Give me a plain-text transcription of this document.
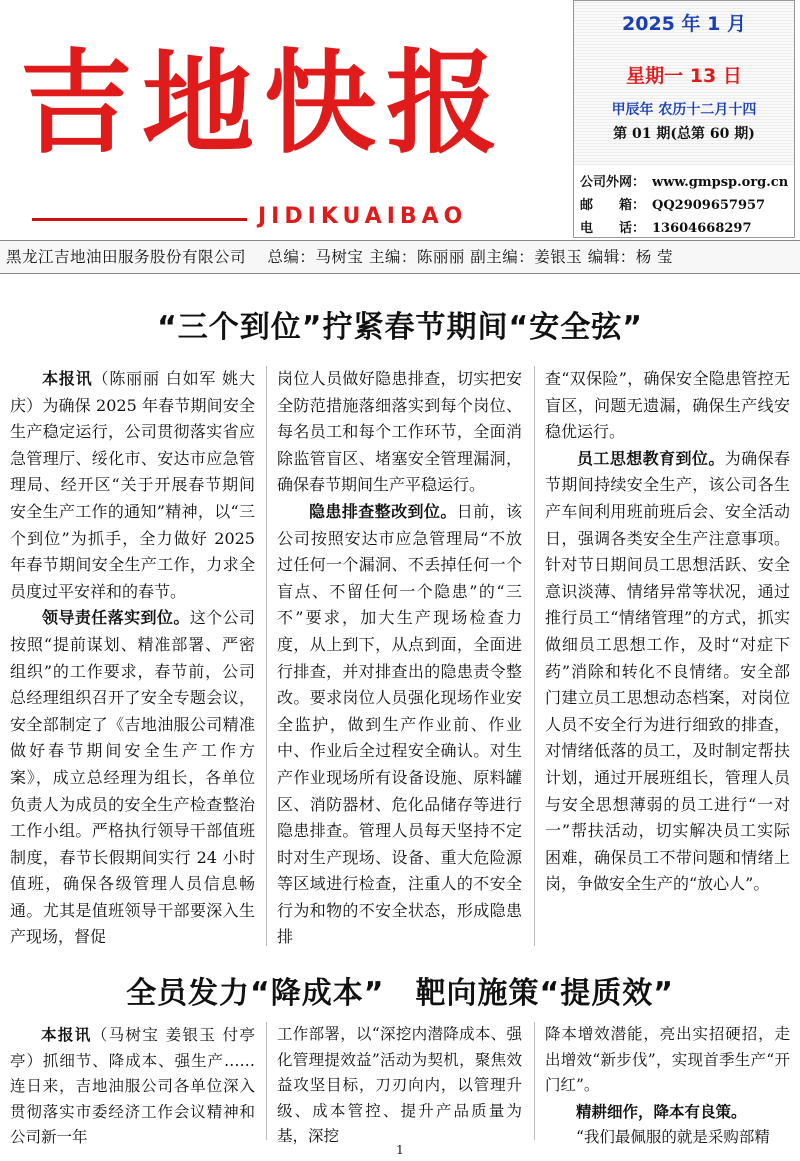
吉地快报
JIDIKUAIBAO
2025 年 1 月
星期一 13 日
甲辰年 农历十二月十四
第 01 期(总第 60 期)
公司外网： www.gmpsp.org.cn
邮　　箱： QQ2909657957
电　　话： 13604668297
黑龙江吉地油田服务股份有限公司　 总编：马树宝 主编：陈丽丽 副主编：姜银玉 编辑：杨 莹
“三个到位”拧紧春节期间“安全弦”

本报讯（陈丽丽 白如军 姚大庆）为确保 2025 年春节期间安全生产稳定运行，公司贯彻落实省应急管理厅、绥化市、安达市应急管理局、经开区“关于开展春节期间安全生产工作的通知”精神，以“三个到位”为抓手，全力做好 2025 年春节期间安全生产工作，力求全员度过平安祥和的春节。

领导责任落实到位。这个公司按照“提前谋划、精准部署、严密组织”的工作要求，春节前，公司总经理组织召开了安全专题会议，安全部制定了《吉地油服公司精准做好春节期间安全生产工作方案》，成立总经理为组长，各单位负责人为成员的安全生产检查整治工作小组。严格执行领导干部值班制度，春节长假期间实行 24 小时值班，确保各级管理人员信息畅通。尤其是值班领导干部要深入生产现场，督促

岗位人员做好隐患排查，切实把安全防范措施落细落实到每个岗位、每名员工和每个工作环节，全面消除监管盲区、堵塞安全管理漏洞，确保春节期间生产平稳运行。

隐患排查整改到位。日前，该公司按照安达市应急管理局“不放过任何一个漏洞、不丢掉任何一个盲点、不留任何一个隐患”的“三不”要求，加大生产现场检查力度，从上到下，从点到面，全面进行排查，并对排查出的隐患责令整改。要求岗位人员强化现场作业安全监护，做到生产作业前、作业中、作业后全过程安全确认。对生产作业现场所有设备设施、原料罐区、消防器材、危化品储存等进行隐患排查。管理人员每天坚持不定时对生产现场、设备、重大危险源等区域进行检查，注重人的不安全行为和物的不安全状态，形成隐患排

查“双保险”，确保安全隐患管控无盲区，问题无遗漏，确保生产线安稳优运行。

员工思想教育到位。为确保春节期间持续安全生产，该公司各生产车间利用班前班后会、安全活动日，强调各类安全生产注意事项。针对节日期间员工思想活跃、安全意识淡薄、情绪异常等状况，通过推行员工“情绪管理”的方式，抓实做细员工思想工作，及时“对症下药”消除和转化不良情绪。安全部门建立员工思想动态档案，对岗位人员不安全行为进行细致的排查，对情绪低落的员工，及时制定帮扶计划，通过开展班组长，管理人员与安全思想薄弱的员工进行“一对一”帮扶活动，切实解决员工实际困难，确保员工不带问题和情绪上岗，争做安全生产的“放心人”。

全员发力“降成本”　靶向施策“提质效”

本报讯（马树宝 姜银玉 付亭亭）抓细节、降成本、强生产……连日来，吉地油服公司各单位深入贯彻落实市委经济工作会议精神和公司新一年

工作部署，以“深挖内潜降成本、强化管理提效益”活动为契机，聚焦效益攻坚目标，刀刃向内，以管理升级、成本管控、提升产品质量为基，深挖

降本增效潜能，亮出实招硬招，走出增效“新步伐”，实现首季生产“开门红”。

精耕细作，降本有良策。

“我们最佩服的就是采购部精

1
